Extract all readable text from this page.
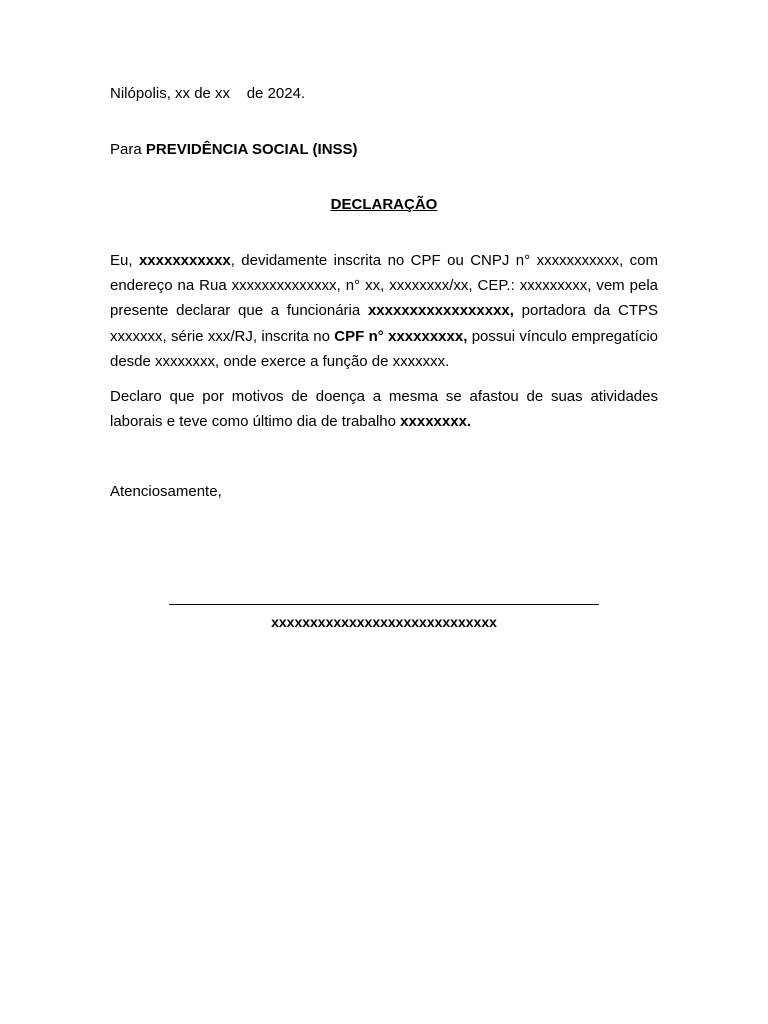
Nilópolis, xx de xx    de 2024.
Para PREVIDÊNCIA SOCIAL (INSS)
DECLARAÇÃO
Eu, xxxxxxxxxxx, devidamente inscrita no CPF ou CNPJ n° xxxxxxxxxxx, com endereço na Rua xxxxxxxxxxxxxx, n° xx, xxxxxxxx/xx, CEP.: xxxxxxxxx, vem pela presente declarar que a funcionária xxxxxxxxxxxxxxxxx, portadora da CTPS xxxxxxx, série xxx/RJ, inscrita no CPF n° xxxxxxxxx, possui vínculo empregatício desde xxxxxxxx, onde exerce a função de xxxxxxx.
Declaro que por motivos de doença a mesma se afastou de suas atividades laborais e teve como último dia de trabalho xxxxxxxx.
Atenciosamente,
xxxxxxxxxxxxxxxxxxxxxxxxxxxxx
